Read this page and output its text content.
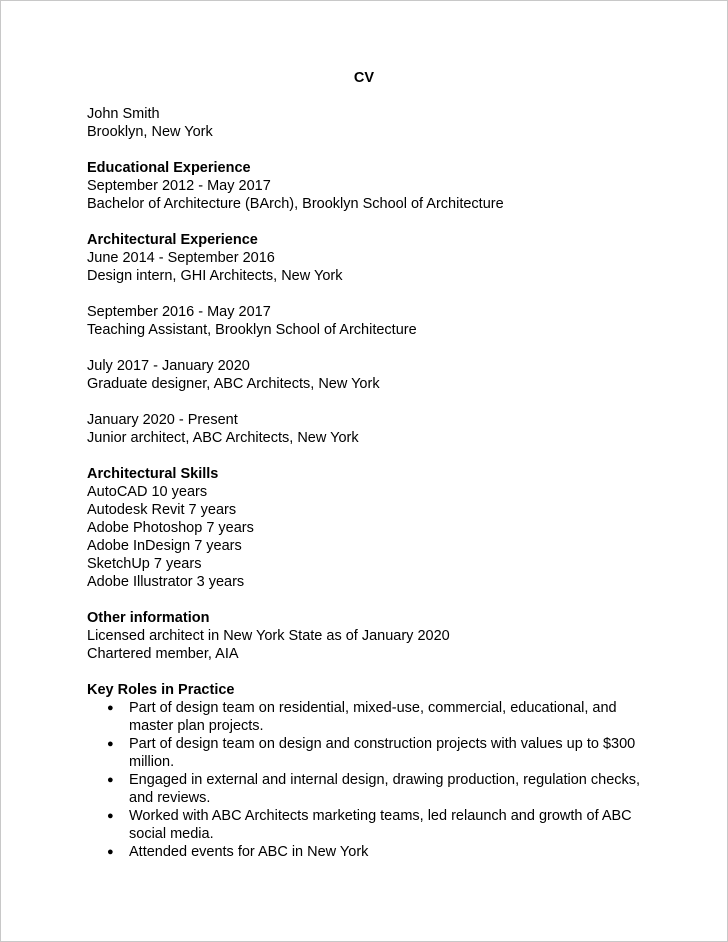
CV
John Smith
Brooklyn, New York
Educational Experience
September 2012 - May 2017
Bachelor of Architecture (BArch), Brooklyn School of Architecture
Architectural Experience
June 2014 - September 2016
Design intern, GHI Architects, New York
September 2016 - May 2017
Teaching Assistant, Brooklyn School of Architecture
July 2017 - January 2020
Graduate designer, ABC Architects, New York
January 2020 - Present
Junior architect, ABC Architects, New York
Architectural Skills
AutoCAD 10 years
Autodesk Revit 7 years
Adobe Photoshop 7 years
Adobe InDesign 7 years
SketchUp 7 years
Adobe Illustrator 3 years
Other information
Licensed architect in New York State as of January 2020
Chartered member, AIA
Key Roles in Practice
● Part of design team on residential, mixed-use, commercial, educational, and master plan projects.
● Part of design team on design and construction projects with values up to $300 million.
● Engaged in external and internal design, drawing production, regulation checks, and reviews.
● Worked with ABC Architects marketing teams, led relaunch and growth of ABC social media.
● Attended events for ABC in New York
